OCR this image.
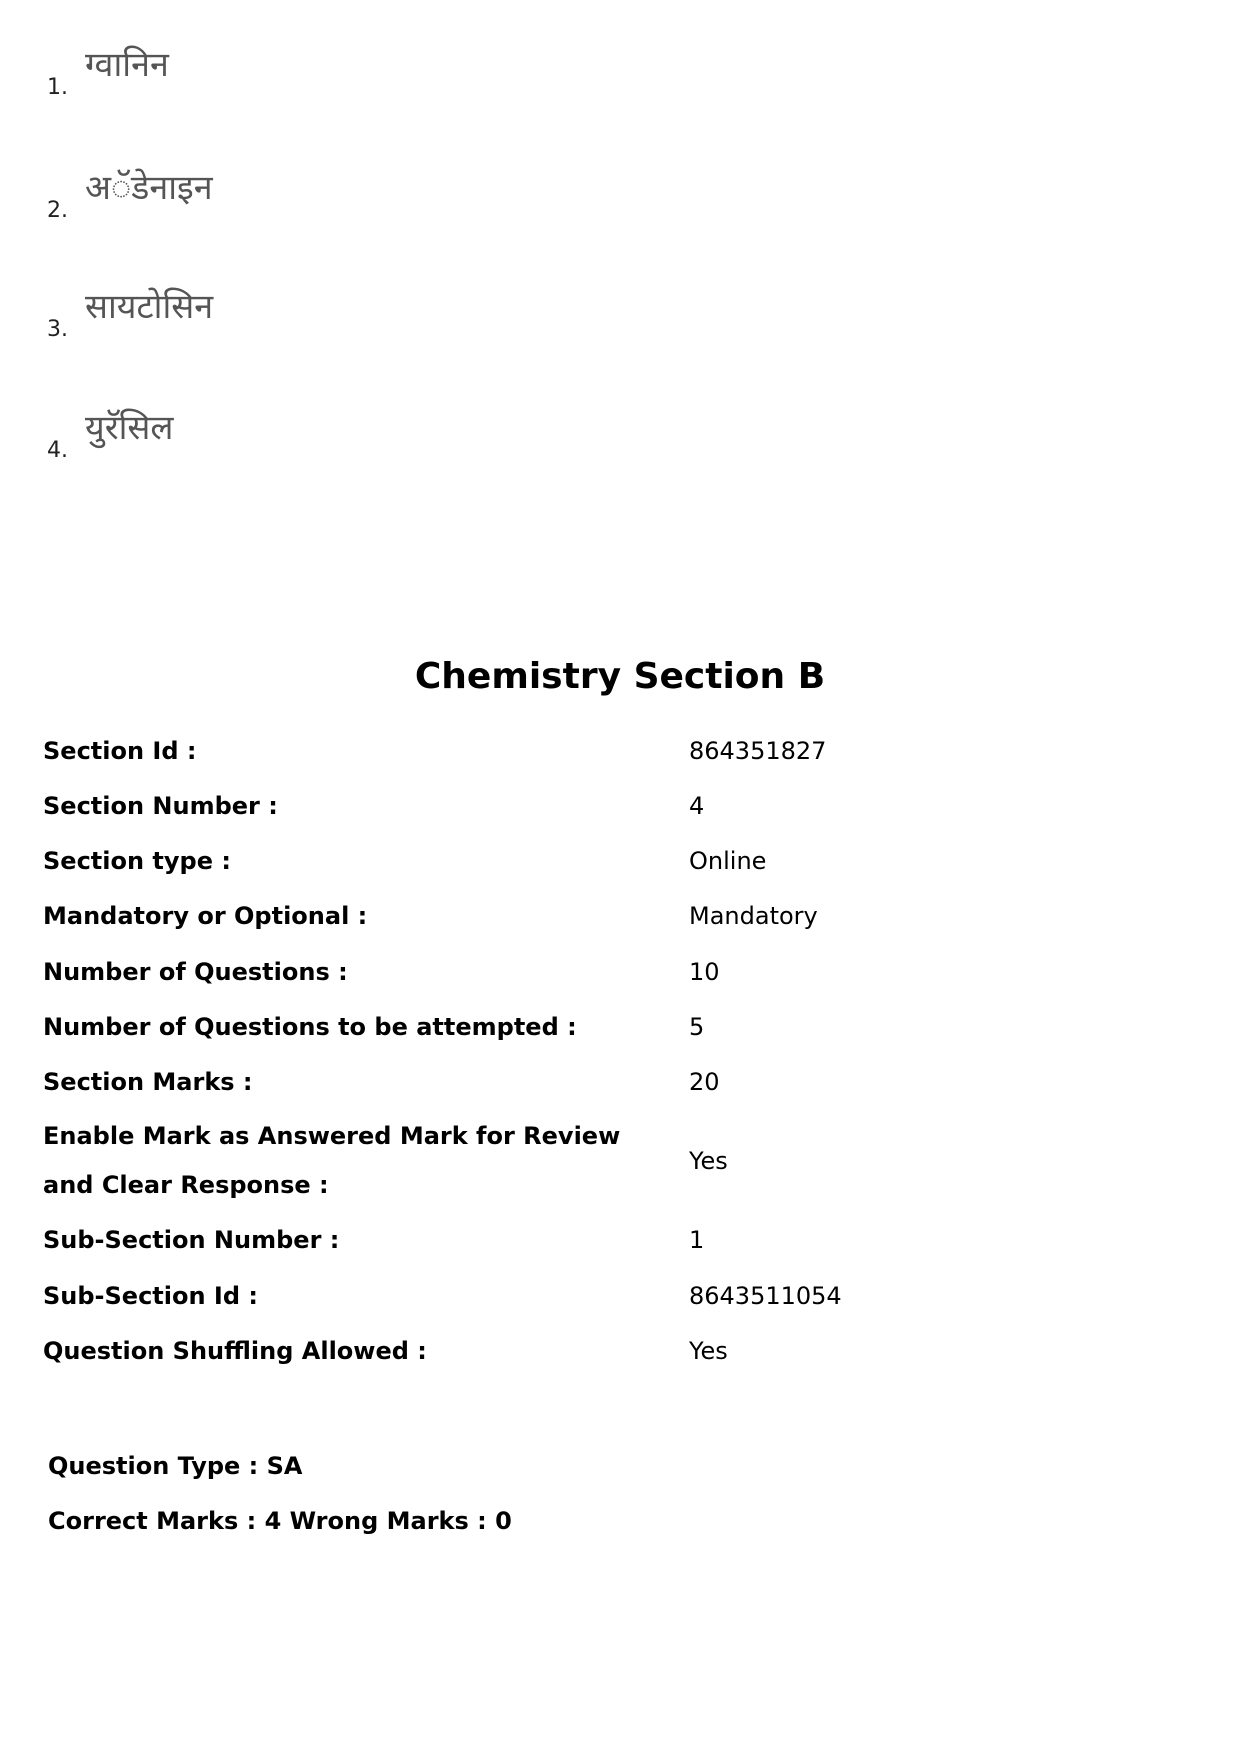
1.
ग्वानिन
2.
अॅडेनाइन
3.
सायटोसिन
4.
युरॅसिल
Chemistry Section B
Section Id :	864351827
Section Number :	4
Section type :	Online
Mandatory or Optional :	Mandatory
Number of Questions :	10
Number of Questions to be attempted :	5
Section Marks :	20
Enable Mark as Answered Mark for Review and Clear Response :
Yes
Sub-Section Number :	1
Sub-Section Id :	8643511054
Question Shuffling Allowed :	Yes
Question Type : SA
Correct Marks : 4 Wrong Marks : 0
